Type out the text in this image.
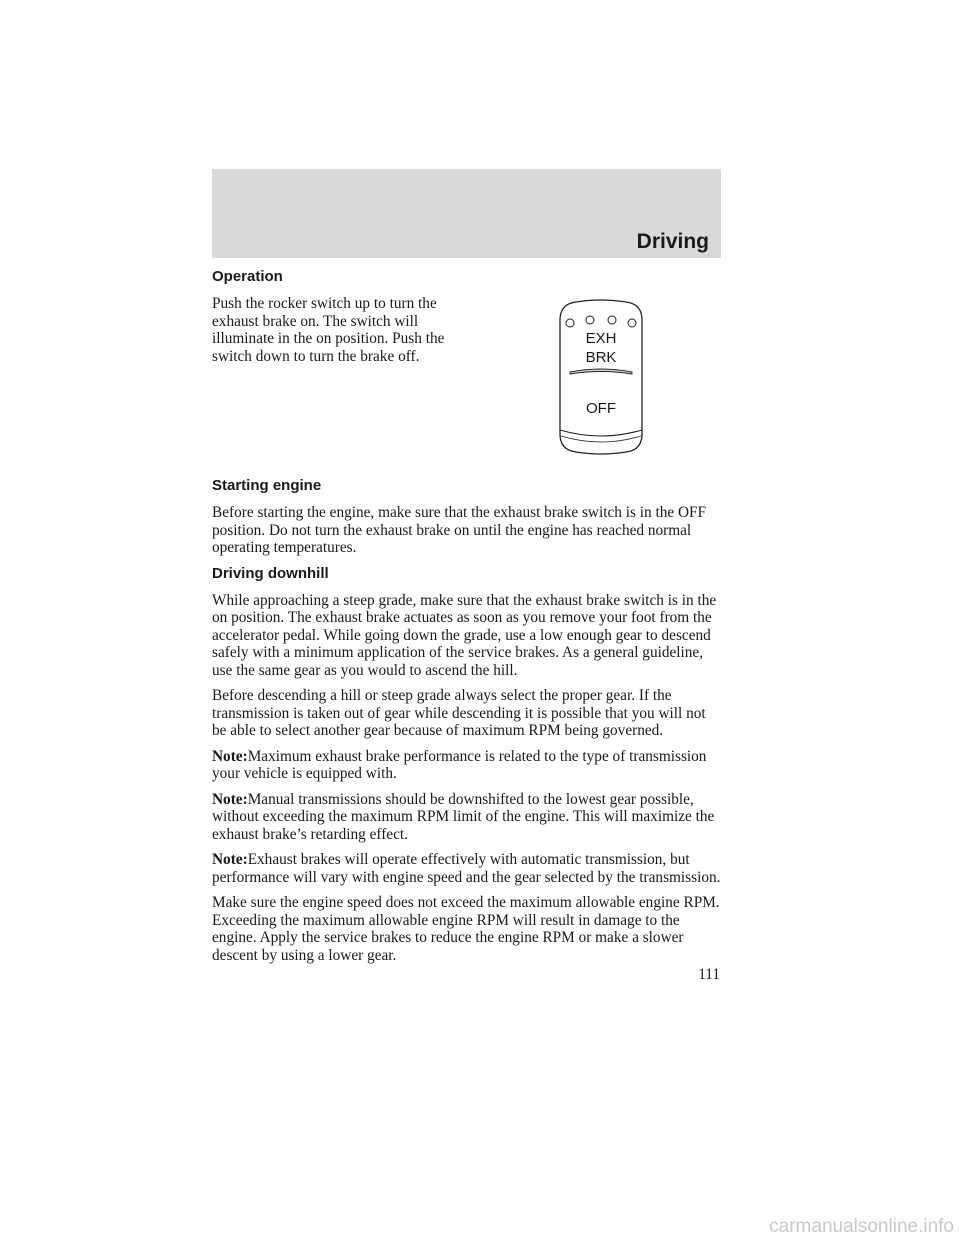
Driving
Operation

Push the rocker switch up to turn the exhaust brake on. The switch will illuminate in the on position. Push the switch down to turn the brake off.

Starting engine

Before starting the engine, make sure that the exhaust brake switch is in the OFF position. Do not turn the exhaust brake on until the engine has reached normal operating temperatures.

Driving downhill

While approaching a steep grade, make sure that the exhaust brake switch is in the on position. The exhaust brake actuates as soon as you remove your foot from the accelerator pedal. While going down the grade, use a low enough gear to descend safely with a minimum application of the service brakes. As a general guideline, use the same gear as you would to ascend the hill.

Before descending a hill or steep grade always select the proper gear. If the transmission is taken out of gear while descending it is possible that you will not be able to select another gear because of maximum RPM being governed.

Note:Maximum exhaust brake performance is related to the type of transmission your vehicle is equipped with.

Note:Manual transmissions should be downshifted to the lowest gear possible, without exceeding the maximum RPM limit of the engine. This will maximize the exhaust brake’s retarding effect.

Note:Exhaust brakes will operate effectively with automatic transmission, but performance will vary with engine speed and the gear selected by the transmission.

Make sure the engine speed does not exceed the maximum allowable engine RPM. Exceeding the maximum allowable engine RPM will result in damage to the engine. Apply the service brakes to reduce the engine RPM or make a slower descent by using a lower gear.

EXH
BRK
OFF
111
carmanualsonline.info
